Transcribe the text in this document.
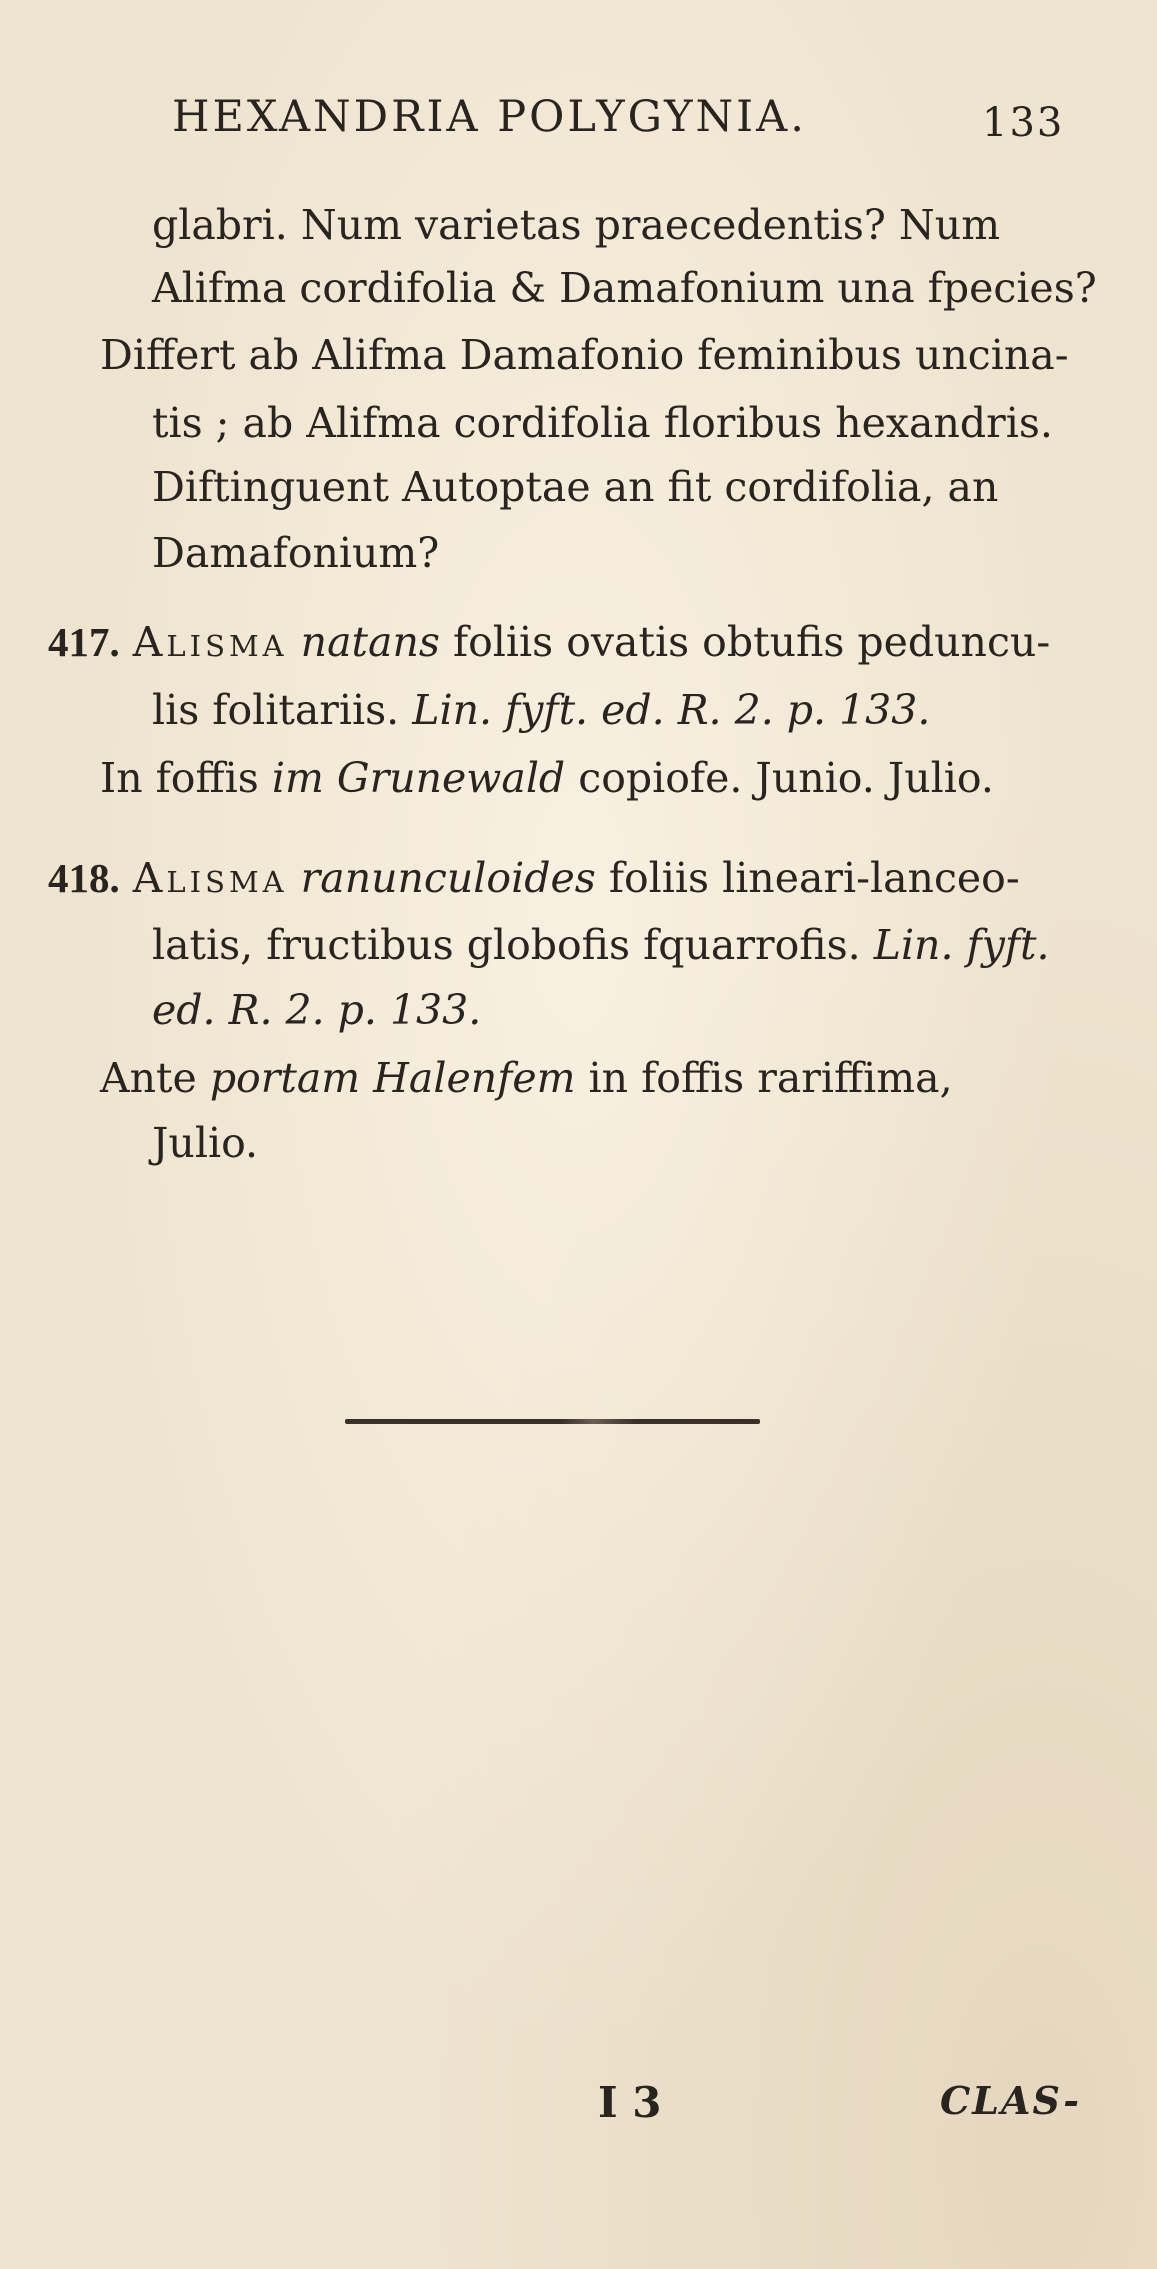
HEXANDRIA POLYGYNIA.	133
glabri. Num varietas praecedentis? Num
Alifma cordifolia & Damafonium una fpecies?
Differt ab Alifma Damafonio feminibus uncina-
tis ; ab Alifma cordifolia floribus hexandris.
Diftinguent Autoptae an fit cordifolia, an
Damafonium?
417. Alisma natans foliis ovatis obtufis peduncu-
lis folitariis. Lin. fyft. ed. R. 2. p. 133.
In foffis im Grunewald copiofe. Junio. Julio.
418. Alisma ranunculoides foliis lineari-lanceo-
latis, fructibus globofis fquarrofis. Lin. fyft.
ed. R. 2. p. 133.
Ante portam Halenfem in foffis rariffima,
Julio.
I 3	CLAS-
